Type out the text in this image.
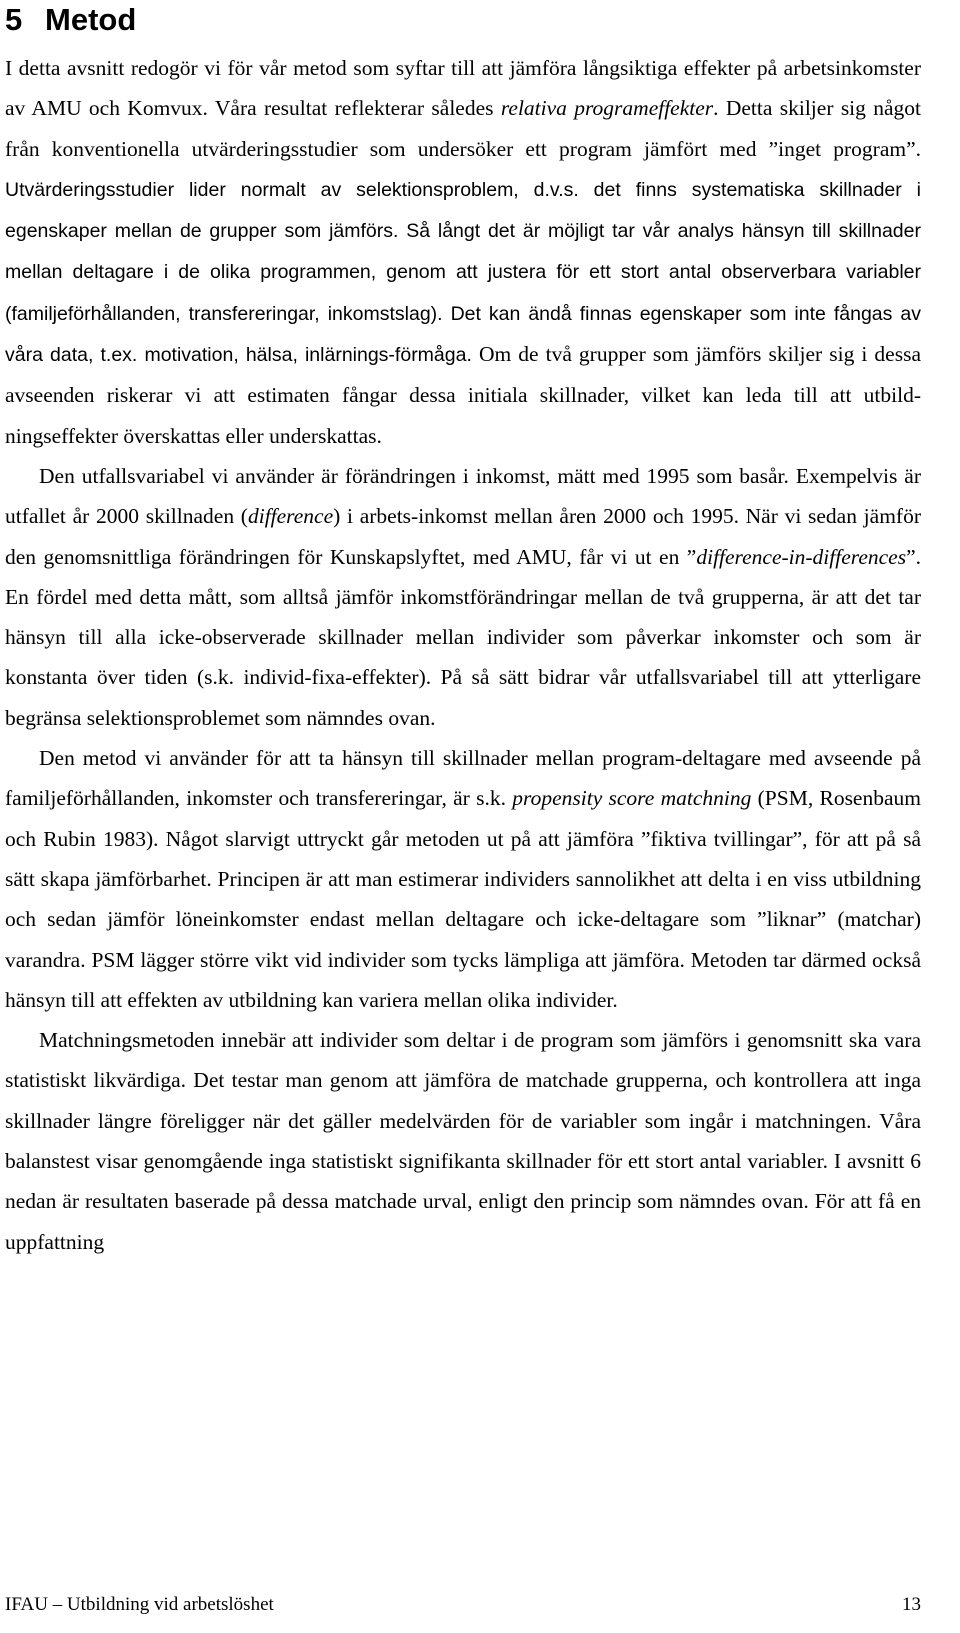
5 Metod

I detta avsnitt redogör vi för vår metod som syftar till att jämföra långsiktiga effekter på arbetsinkomster av AMU och Komvux. Våra resultat reflekterar således relativa programeffekter. Detta skiljer sig något från konventionella utvärderingsstudier som undersöker ett program jämfört med ”inget program”. Utvärderingsstudier lider normalt av selektionsproblem, d.v.s. det finns systematiska skillnader i egenskaper mellan de grupper som jämförs. Så långt det är möjligt tar vår analys hänsyn till skillnader mellan deltagare i de olika programmen, genom att justera för ett stort antal observerbara variabler (familjeförhållanden, transfereringar, inkomstslag). Det kan ändå finnas egenskaper som inte fångas av våra data, t.ex. motivation, hälsa, inlärnings-förmåga. Om de två grupper som jämförs skiljer sig i dessa avseenden riskerar vi att estimaten fångar dessa initiala skillnader, vilket kan leda till att utbild-ningseffekter överskattas eller underskattas.

Den utfallsvariabel vi använder är förändringen i inkomst, mätt med 1995 som basår. Exempelvis är utfallet år 2000 skillnaden (difference) i arbets-inkomst mellan åren 2000 och 1995. När vi sedan jämför den genomsnittliga förändringen för Kunskapslyftet, med AMU, får vi ut en ”difference-in-differences”. En fördel med detta mått, som alltså jämför inkomstförändringar mellan de två grupperna, är att det tar hänsyn till alla icke-observerade skillnader mellan individer som påverkar inkomster och som är konstanta över tiden (s.k. individ-fixa-effekter). På så sätt bidrar vår utfallsvariabel till att ytterligare begränsa selektionsproblemet som nämndes ovan.

Den metod vi använder för att ta hänsyn till skillnader mellan program-deltagare med avseende på familjeförhållanden, inkomster och transfereringar, är s.k. propensity score matchning (PSM, Rosenbaum och Rubin 1983). Något slarvigt uttryckt går metoden ut på att jämföra ”fiktiva tvillingar”, för att på så sätt skapa jämförbarhet. Principen är att man estimerar individers sannolikhet att delta i en viss utbildning och sedan jämför löneinkomster endast mellan deltagare och icke-deltagare som ”liknar” (matchar) varandra. PSM lägger större vikt vid individer som tycks lämpliga att jämföra. Metoden tar därmed också hänsyn till att effekten av utbildning kan variera mellan olika individer.

Matchningsmetoden innebär att individer som deltar i de program som jämförs i genomsnitt ska vara statistiskt likvärdiga. Det testar man genom att jämföra de matchade grupperna, och kontrollera att inga skillnader längre föreligger när det gäller medelvärden för de variabler som ingår i matchningen. Våra balanstest visar genomgående inga statistiskt signifikanta skillnader för ett stort antal variabler. I avsnitt 6 nedan är resultaten baserade på dessa matchade urval, enligt den princip som nämndes ovan. För att få en uppfattning

IFAU – Utbildning vid arbetslöshet	13
